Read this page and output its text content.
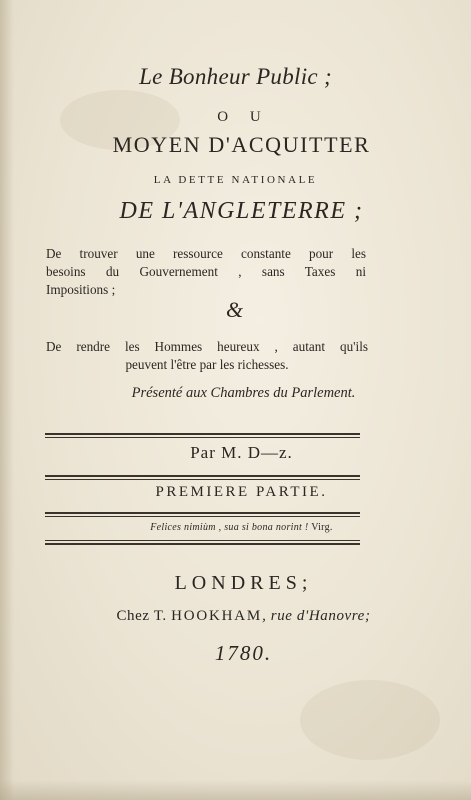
Le Bonheur Public ;
O U
MOYEN D'ACQUITTER
LA DETTE NATIONALE
DE L'ANGLETERRE ;
De trouver une ressource constante pour les
besoins du Gouvernement , sans Taxes ni
Impositions ;
&
De rendre les Hommes heureux , autant qu'ils
peuvent l'être par les richesses.
Présenté aux Chambres du Parlement.
Par M. D—z.
PREMIERE PARTIE.
Felices nimiùm , sua si bona norint ! Virg.
LONDRES;
Chez T. HOOKHAM, rue d'Hanovre;
1780.
